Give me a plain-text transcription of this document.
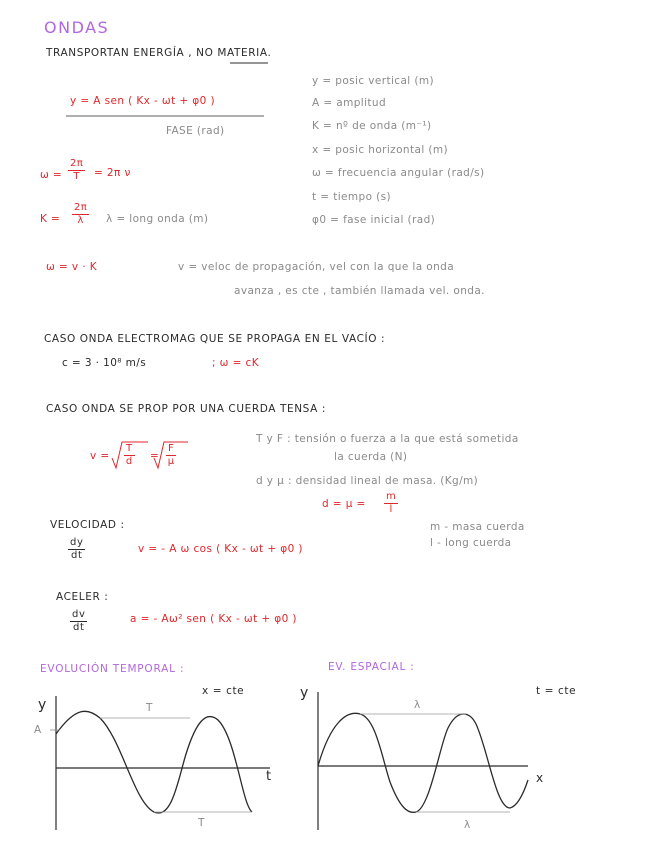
ONDAS
TRANSPORTAN ENERGÍA , NO MATERIA.
y = A sen ( Kx - ωt + φ0 )
FASE (rad)
y = posic vertical (m)
A = amplitud
K = nº de onda (m⁻¹)
x = posic horizontal (m)
ω = frecuencia angular (rad/s)
t = tiempo (s)
φ0 = fase inicial (rad)
$\omega = \frac{2\pi}{T} = 2\pi$ ν
$K = \frac{2\pi}{\lambda}$ λ = long onda (m)
ω = v · K	v = veloc de propagación, vel con la que la onda
avanza , es cte , también llamada vel. onda.
CASO ONDA ELECTROMAG QUE SE PROPAGA EN EL VACÍO :
c = 3 · 10⁸ m/s	; ω = cK
CASO ONDA SE PROP POR UNA CUERDA TENSA :
$v = \frac{T}{d} = \frac{F}{\mu}$
T y F : tensión o fuerza a la que está sometida
la cuerda (N)
d y μ : densidad lineal de masa. (Kg/m)
$d = \mu = \frac{m}{l}$
m - masa cuerda
l - long cuerda
VELOCIDAD :
$\frac{dy}{dt}$	v = - A ω cos ( Kx - ωt + φ0 )
ACELER :
$\frac{dv}{dt}$	a = - Aω² sen ( Kx - ωt + φ0 )
EVOLUCIÓN TEMPORAL :	EV. ESPACIAL :
y
A
t
x = cte
T
T
y
x
t = cte
λ
λ
